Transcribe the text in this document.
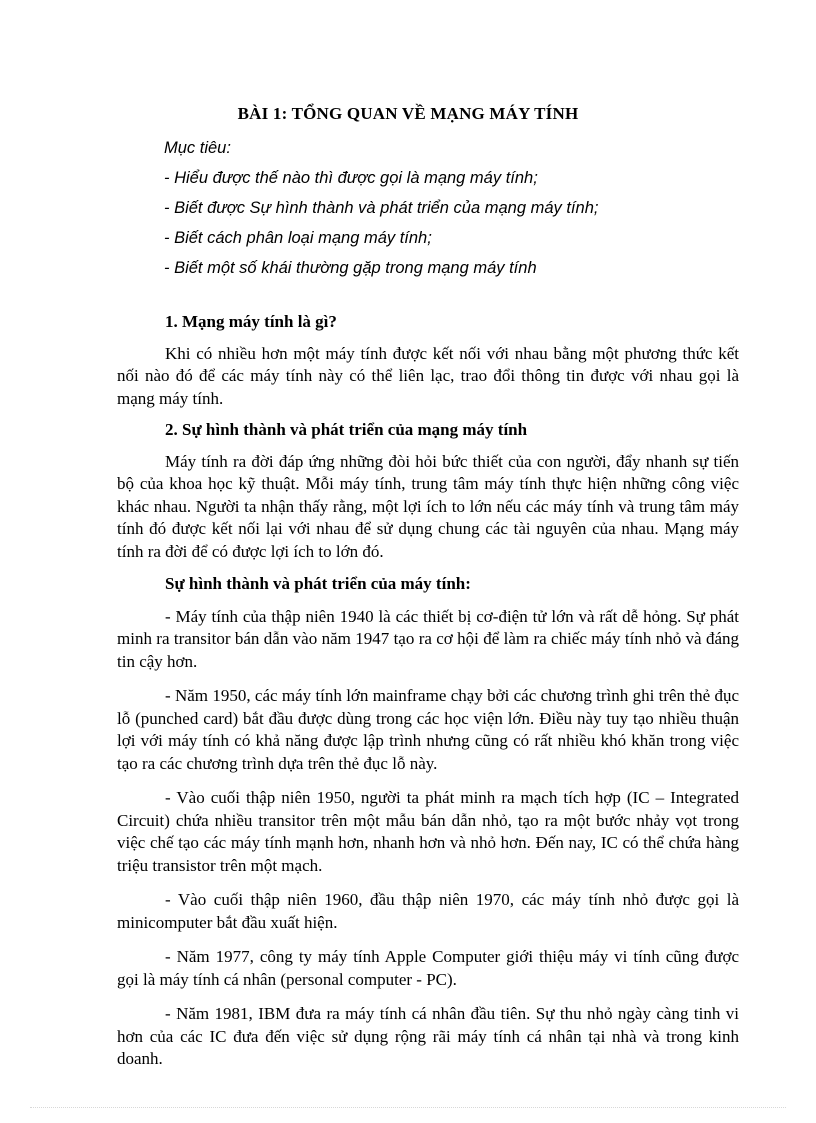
BÀI 1: TỔNG QUAN VỀ MẠNG MÁY TÍNH
Mục tiêu:
- Hiểu được thế nào thì được gọi là mạng máy tính;
- Biết được Sự hình thành và phát triển của mạng máy tính;
- Biết cách phân loại mạng máy tính;
- Biết một số khái thường gặp trong mạng máy tính

1. Mạng máy tính là gì?

Khi có nhiều hơn một máy tính được kết nối với nhau bằng một phương thức kết nối nào đó để các máy tính này có thể liên lạc, trao đổi thông tin được với nhau gọi là mạng máy tính.

2. Sự hình thành và phát triển của mạng máy tính

Máy tính ra đời đáp ứng những đòi hỏi bức thiết của con người, đẩy nhanh sự tiến bộ của khoa học kỹ thuật. Mỗi máy tính, trung tâm máy tính thực hiện những công việc khác nhau. Người ta nhận thấy rằng, một lợi ích to lớn nếu các máy tính và trung tâm máy tính đó được kết nối lại với nhau để sử dụng chung các tài nguyên của nhau. Mạng máy tính ra đời để có được lợi ích to lớn đó.

Sự hình thành và phát triển của máy tính:

- Máy tính của thập niên 1940 là các thiết bị cơ-điện tử lớn và rất dễ hỏng. Sự phát minh ra transitor bán dẫn vào năm 1947 tạo ra cơ hội để làm ra chiếc máy tính nhỏ và đáng tin cậy hơn.

- Năm 1950, các máy tính lớn mainframe chạy bởi các chương trình ghi trên thẻ đục lỗ (punched card) bắt đầu được dùng trong các học viện lớn. Điều này tuy tạo nhiều thuận lợi với máy tính có khả năng được lập trình nhưng cũng có rất nhiều khó khăn trong việc tạo ra các chương trình dựa trên thẻ đục lỗ này.

- Vào cuối thập niên 1950, người ta phát minh ra mạch tích hợp (IC – Integrated Circuit) chứa nhiều transitor trên một mẫu bán dẫn nhỏ, tạo ra một bước nhảy vọt trong việc chế tạo các máy tính mạnh hơn, nhanh hơn và nhỏ hơn. Đến nay, IC có thể chứa hàng triệu transistor trên một mạch.

- Vào cuối thập niên 1960, đầu thập niên 1970, các máy tính nhỏ được gọi là minicomputer bắt đầu xuất hiện.

- Năm 1977, công ty máy tính Apple Computer giới thiệu máy vi tính cũng được gọi là máy tính cá nhân (personal computer - PC).

- Năm 1981, IBM đưa ra máy tính cá nhân đầu tiên. Sự thu nhỏ ngày càng tinh vi hơn của các IC đưa đến việc sử dụng rộng rãi máy tính cá nhân tại nhà và trong kinh doanh.
